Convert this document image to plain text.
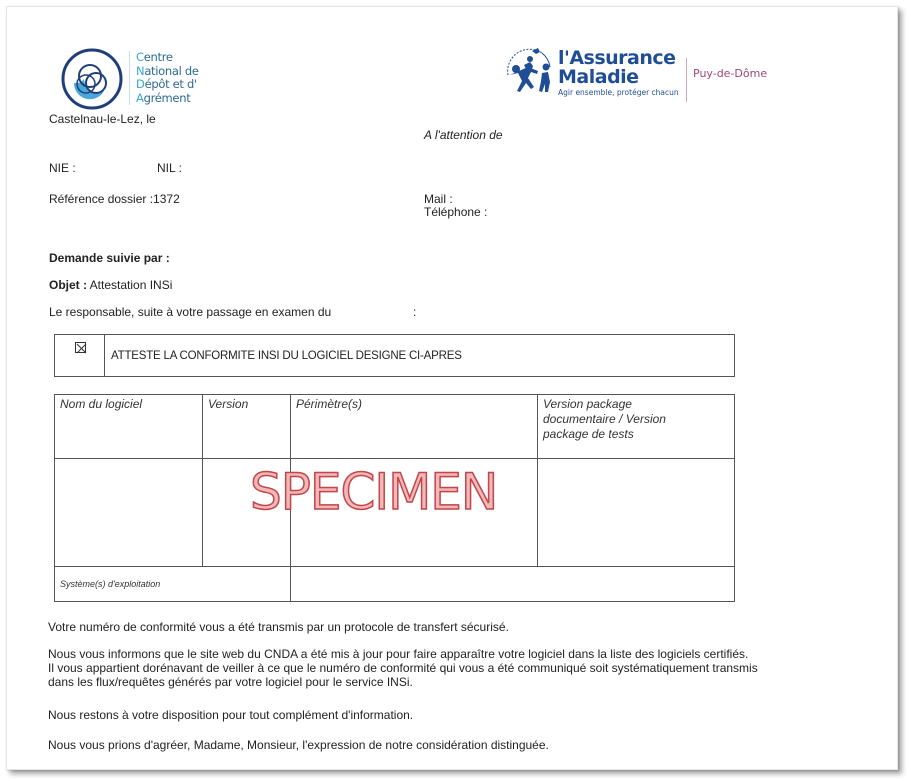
Centre
National de
Dépôt et d'
Agrément
l'Assurance
Maladie
Agir ensemble, protéger chacun
Puy-de-Dôme
Castelnau-le-Lez, le
A l'attention de
NIE :	NIL :
Référence dossier :1372	Mail :
Téléphone :
Demande suivie par :
Objet : Attestation INSi
Le responsable, suite à votre passage en examen du	:
ATTESTE LA CONFORMITE INSI DU LOGICIEL DESIGNE CI-APRES
Nom du logiciel	Version	Périmètre(s)	Version package documentaire / Version package de tests
Système(s) d'exploitation
SPECIMEN
Votre numéro de conformité vous a été transmis par un protocole de transfert sécurisé.
Nous vous informons que le site web du CNDA a été mis à jour pour faire apparaître votre logiciel dans la liste des logiciels certifiés.
Il vous appartient dorénavant de veiller à ce que le numéro de conformité qui vous a été communiqué soit systématiquement transmis
dans les flux/requêtes générés par votre logiciel pour le service INSi.
Nous restons à votre disposition pour tout complément d'information.
Nous vous prions d'agréer, Madame, Monsieur, l'expression de notre considération distinguée.
